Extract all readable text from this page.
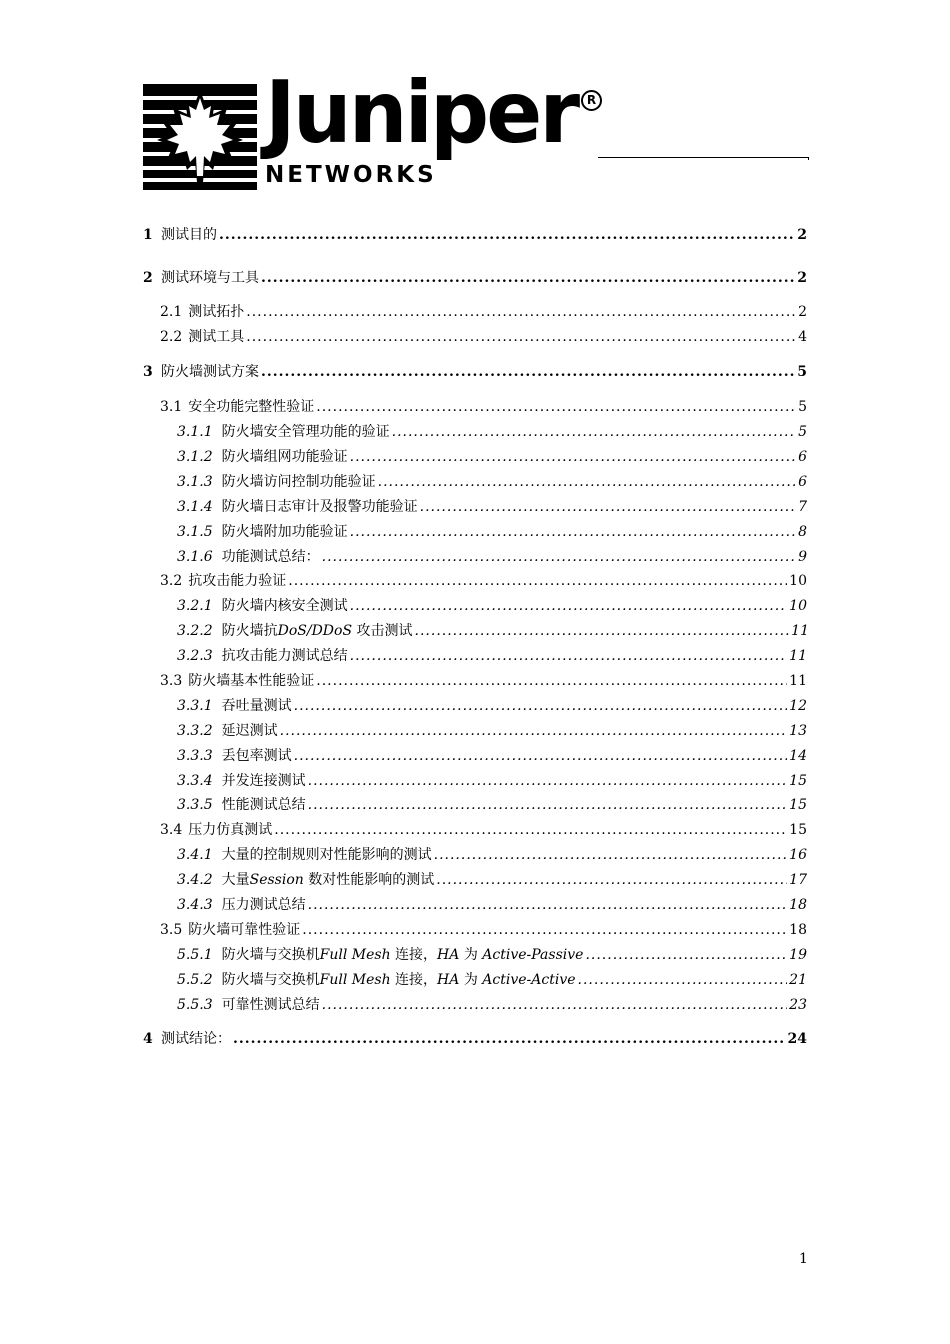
Juniper
NETWORKS
R
1 测试目的 .....	2
2 测试环境与工具 .....	2
2.1 测试拓扑 .....	2
2.2 测试工具 .....	4
3 防火墙测试方案 .....	5
3.1 安全功能完整性验证 .....	5
3.1.1 防火墙安全管理功能的验证 .....	5
3.1.2 防火墙组网功能验证 .....	6
3.1.3 防火墙访问控制功能验证 .....	6
3.1.4 防火墙日志审计及报警功能验证 .....	7
3.1.5 防火墙附加功能验证 .....	8
3.1.6 功能测试总结： .....	9
3.2 抗攻击能力验证 .....	10
3.2.1 防火墙内核安全测试 .....	10
3.2.2 防火墙抗DoS/DDoS 攻击测试 .....	11
3.2.3 抗攻击能力测试总结 .....	11
3.3 防火墙基本性能验证 .....	11
3.3.1 吞吐量测试 .....	12
3.3.2 延迟测试 .....	13
3.3.3 丢包率测试 .....	14
3.3.4 并发连接测试 .....	15
3.3.5 性能测试总结 .....	15
3.4 压力仿真测试 .....	15
3.4.1 大量的控制规则对性能影响的测试 .....	16
3.4.2 大量Session 数对性能影响的测试 .....	17
3.4.3 压力测试总结 .....	18
3.5 防火墙可靠性验证 .....	18
5.5.1 防火墙与交换机Full Mesh 连接，HA 为 Active-Passive .....	19
5.5.2 防火墙与交换机Full Mesh 连接，HA 为 Active-Active .....	21
5.5.3 可靠性测试总结 .....	23
4 测试结论： .....	24
1
